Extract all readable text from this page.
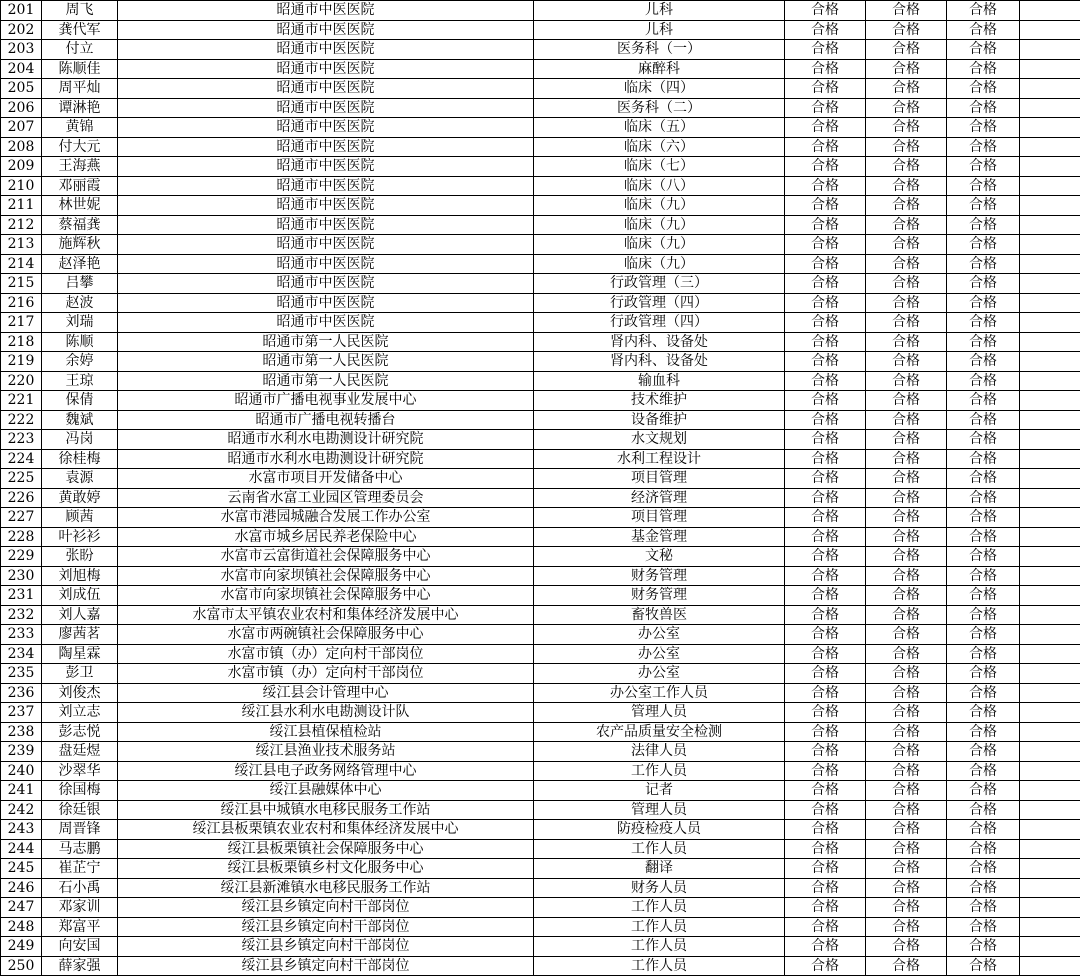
201	周飞	昭通市中医医院	儿科	合格	合格	合格	
202	龚代军	昭通市中医医院	儿科	合格	合格	合格	
203	付立	昭通市中医医院	医务科（一）	合格	合格	合格	
204	陈顺佳	昭通市中医医院	麻醉科	合格	合格	合格	
205	周平灿	昭通市中医医院	临床（四）	合格	合格	合格	
206	谭淋艳	昭通市中医医院	医务科（二）	合格	合格	合格	
207	黄锦	昭通市中医医院	临床（五）	合格	合格	合格	
208	付大元	昭通市中医医院	临床（六）	合格	合格	合格	
209	王海燕	昭通市中医医院	临床（七）	合格	合格	合格	
210	邓丽霞	昭通市中医医院	临床（八）	合格	合格	合格	
211	林世妮	昭通市中医医院	临床（九）	合格	合格	合格	
212	蔡福龚	昭通市中医医院	临床（九）	合格	合格	合格	
213	施辉秋	昭通市中医医院	临床（九）	合格	合格	合格	
214	赵泽艳	昭通市中医医院	临床（九）	合格	合格	合格	
215	吕攀	昭通市中医医院	行政管理（三）	合格	合格	合格	
216	赵波	昭通市中医医院	行政管理（四）	合格	合格	合格	
217	刘瑞	昭通市中医医院	行政管理（四）	合格	合格	合格	
218	陈顺	昭通市第一人民医院	肾内科、设备处	合格	合格	合格	
219	余婷	昭通市第一人民医院	肾内科、设备处	合格	合格	合格	
220	王琼	昭通市第一人民医院	输血科	合格	合格	合格	
221	保倩	昭通市广播电视事业发展中心	技术维护	合格	合格	合格	
222	魏斌	昭通市广播电视转播台	设备维护	合格	合格	合格	
223	冯岗	昭通市水利水电勘测设计研究院	水文规划	合格	合格	合格	
224	徐桂梅	昭通市水利水电勘测设计研究院	水利工程设计	合格	合格	合格	
225	袁源	水富市项目开发储备中心	项目管理	合格	合格	合格	
226	黄敢婷	云南省水富工业园区管理委员会	经济管理	合格	合格	合格	
227	顾茜	水富市港园城融合发展工作办公室	项目管理	合格	合格	合格	
228	叶衫衫	水富市城乡居民养老保险中心	基金管理	合格	合格	合格	
229	张盼	水富市云富街道社会保障服务中心	文秘	合格	合格	合格	
230	刘旭梅	水富市向家坝镇社会保障服务中心	财务管理	合格	合格	合格	
231	刘成伍	水富市向家坝镇社会保障服务中心	财务管理	合格	合格	合格	
232	刘人嘉	水富市太平镇农业农村和集体经济发展中心	畜牧兽医	合格	合格	合格	
233	廖茜茗	水富市两碗镇社会保障服务中心	办公室	合格	合格	合格	
234	陶星霖	水富市镇（办）定向村干部岗位	办公室	合格	合格	合格	
235	彭卫	水富市镇（办）定向村干部岗位	办公室	合格	合格	合格	
236	刘俊杰	绥江县会计管理中心	办公室工作人员	合格	合格	合格	
237	刘立志	绥江县水利水电勘测设计队	管理人员	合格	合格	合格	
238	彭志悦	绥江县植保植检站	农产品质量安全检测	合格	合格	合格	
239	盘廷煜	绥江县渔业技术服务站	法律人员	合格	合格	合格	
240	沙翠华	绥江县电子政务网络管理中心	工作人员	合格	合格	合格	
241	徐国梅	绥江县融媒体中心	记者	合格	合格	合格	
242	徐廷银	绥江县中城镇水电移民服务工作站	管理人员	合格	合格	合格	
243	周晋锋	绥江县板栗镇农业农村和集体经济发展中心	防疫检疫人员	合格	合格	合格	
244	马志鹏	绥江县板栗镇社会保障服务中心	工作人员	合格	合格	合格	
245	崔芷宁	绥江县板栗镇乡村文化服务中心	翻译	合格	合格	合格	
246	石小禹	绥江县新滩镇水电移民服务工作站	财务人员	合格	合格	合格	
247	邓家训	绥江县乡镇定向村干部岗位	工作人员	合格	合格	合格	
248	郑富平	绥江县乡镇定向村干部岗位	工作人员	合格	合格	合格	
249	向安国	绥江县乡镇定向村干部岗位	工作人员	合格	合格	合格	
250	薛家强	绥江县乡镇定向村干部岗位	工作人员	合格	合格	合格	
